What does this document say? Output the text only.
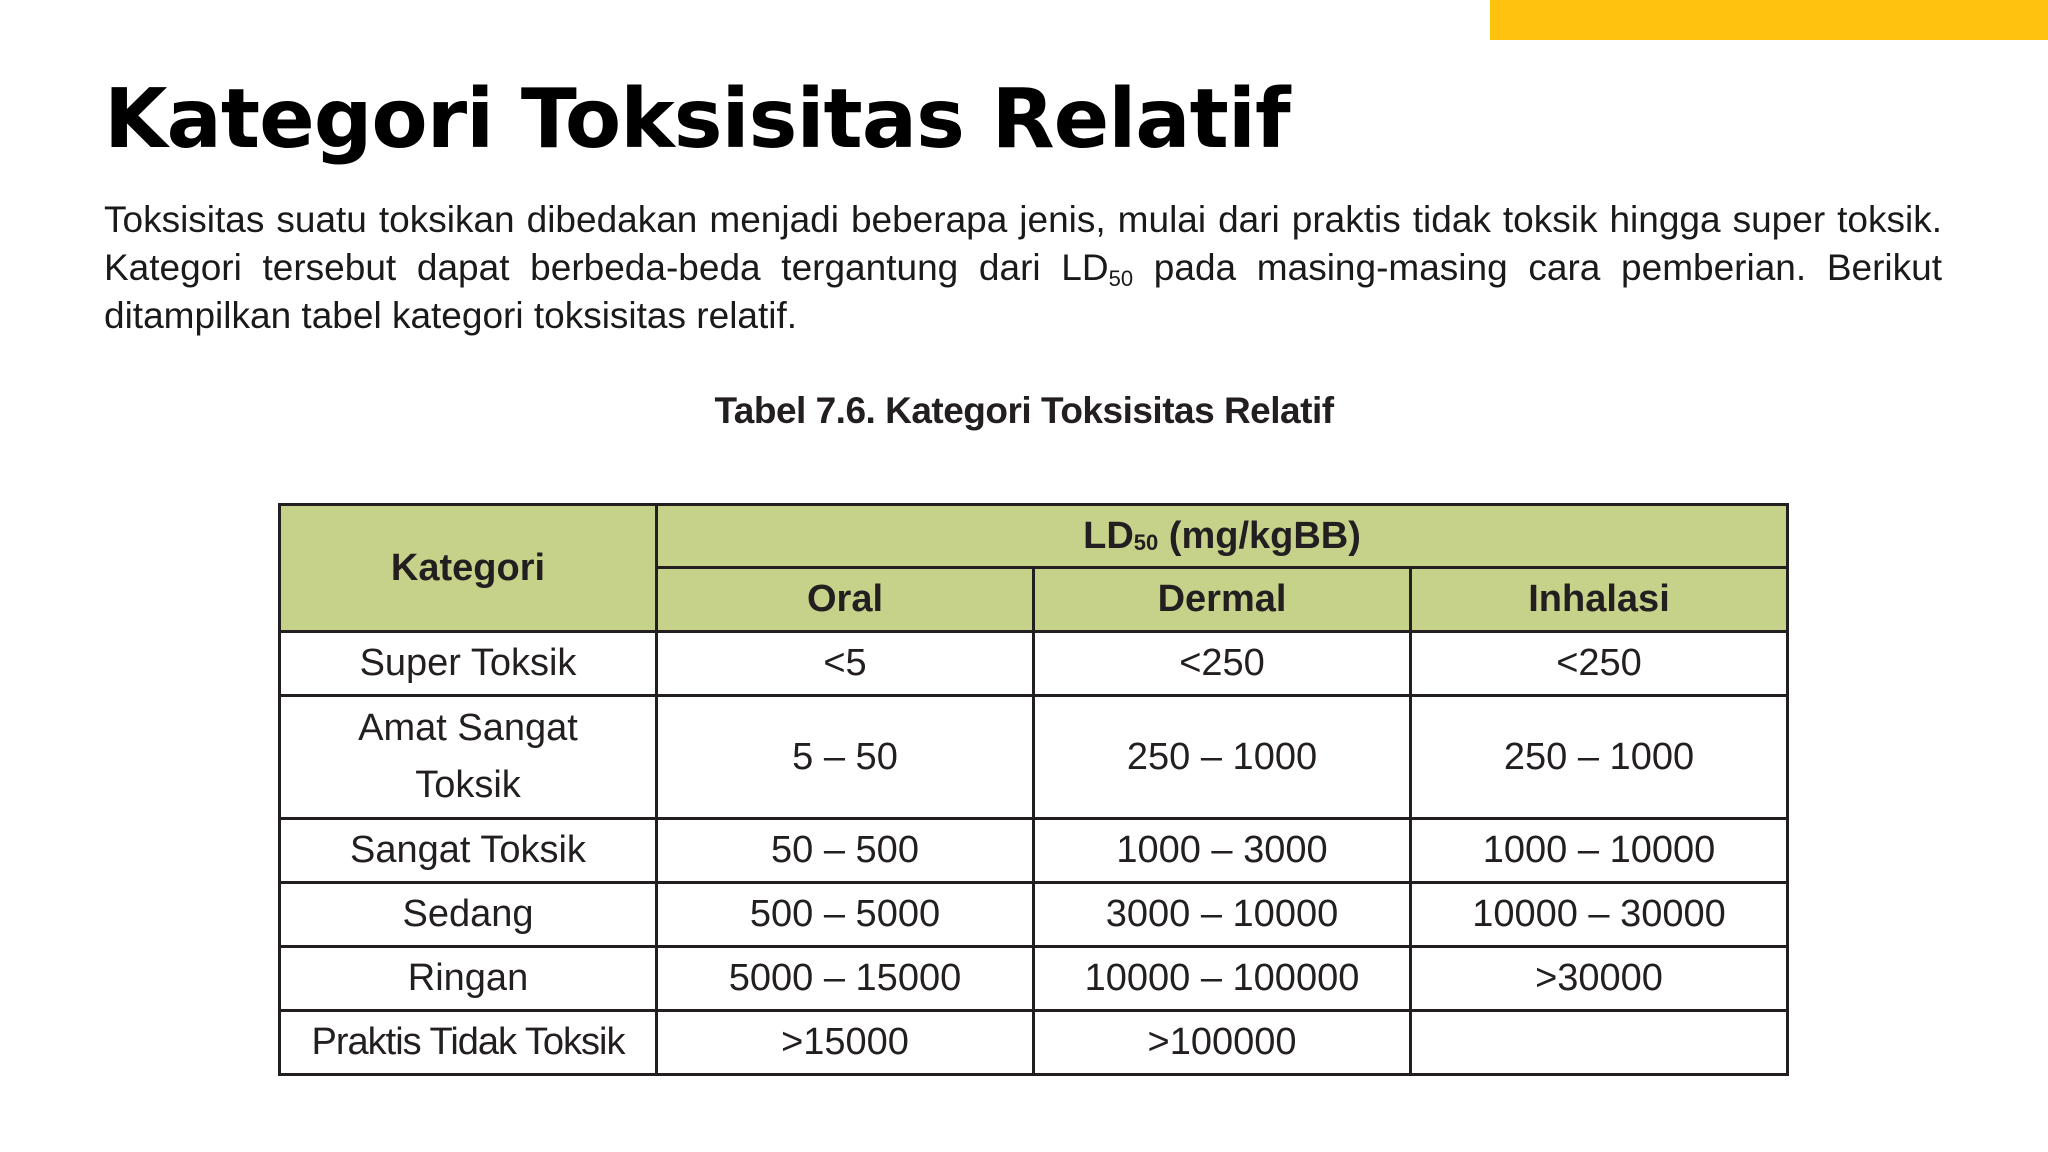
Kategori Toksisitas Relatif

Toksisitas suatu toksikan dibedakan menjadi beberapa jenis, mulai dari praktis tidak toksik hingga super toksik. Kategori tersebut dapat berbeda-beda tergantung dari $LD_{50}$ pada masing-masing cara pemberian. Berikut ditampilkan tabel kategori toksisitas relatif.

Tabel 7.6. Kategori Toksisitas Relatif

Kategori	$LD_{50}$ (mg/kgBB)		
	Oral	Dermal	Inhalasi
Super Toksik	<5	<250	<250
Amat Sangat Toksik	5 – 50	250 – 1000	250 – 1000
Sangat Toksik	50 – 500	1000 – 3000	1000 – 10000
Sedang	500 – 5000	3000 – 10000	10000 – 30000
Ringan	5000 – 15000	10000 – 100000	>30000
Praktis Tidak Toksik	>15000	>100000	
